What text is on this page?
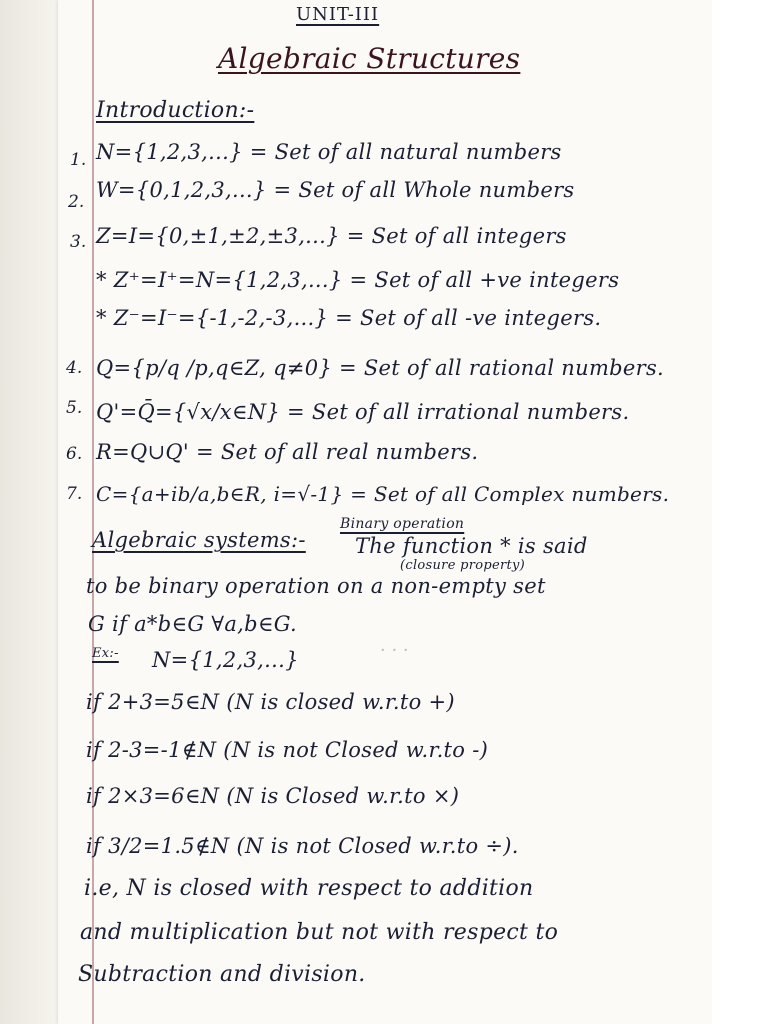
· · ·
UNIT-III
Algebraic Structures
Introduction:-
1. N={1,2,3,...} = Set of all natural numbers
2. W={0,1,2,3,...} = Set of all Whole numbers
3. Z=I={0,±1,±2,±3,...} = Set of all integers
* Z⁺=I⁺=N={1,2,3,...} = Set of all +ve integers
* Z⁻=I⁻={-1,-2,-3,...} = Set of all -ve integers.
4. Q={p/q /p,q∈Z, q≠0} = Set of all rational numbers.
5. Q'=Q̄={√x/x∈N} = Set of all irrational numbers.
6. R=Q∪Q' = Set of all real numbers.
7. C={a+ib/a,b∈R, i=√-1} = Set of all Complex numbers.
Binary operation
Algebraic systems:- The function * is said
(closure property)
to be binary operation on a non-empty set
G if a*b∈G ∀a,b∈G.
Ex:- N={1,2,3,...}
if 2+3=5∈N (N is closed w.r.to +)
if 2-3=-1∉N (N is not Closed w.r.to -)
if 2×3=6∈N (N is Closed w.r.to ×)
if 3/2=1.5∉N (N is not Closed w.r.to ÷).
i.e, N is closed with respect to addition
and multiplication but not with respect to
Subtraction and division.
